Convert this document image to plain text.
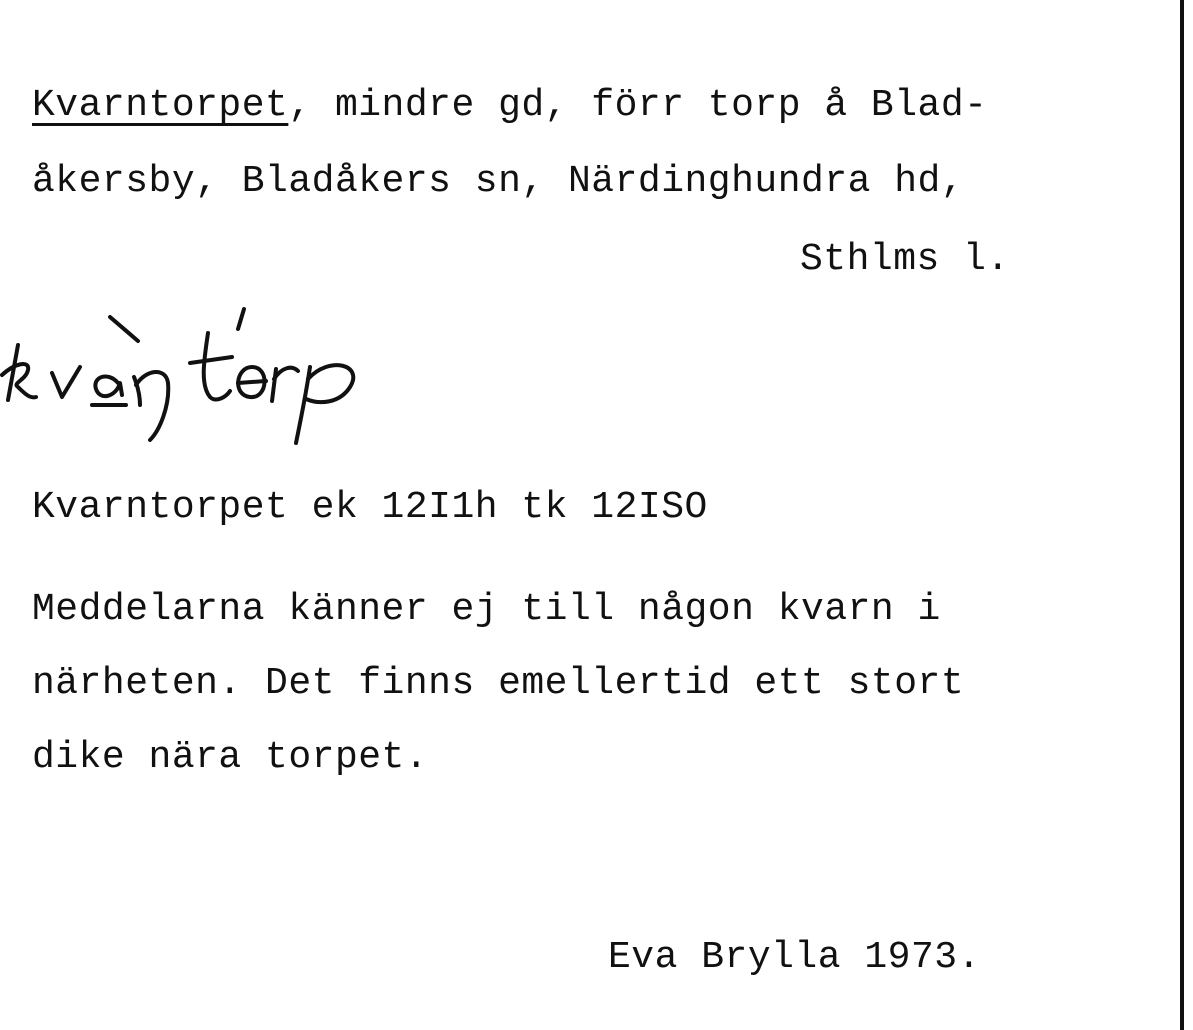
Kvarntorpet, mindre gd, förr torp å Blad-

åkersby, Bladåkers sn, Närdinghundra hd,

Sthlms l.

Kvarntorpet ek 12I1h tk 12ISO

Meddelarna känner ej till någon kvarn i

närheten. Det finns emellertid ett stort

dike nära torpet.

Eva Brylla 1973.
